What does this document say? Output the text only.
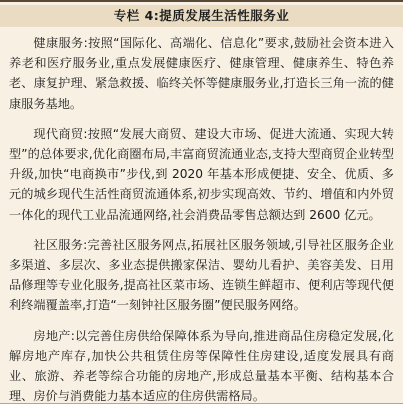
专栏 4:提质发展生活性服务业

健康服务:按照“国际化、高端化、信息化”要求,鼓励社会资本进入养老和医疗服务业,重点发展健康医疗、健康管理、健康养生、特色养老、康复护理、紧急救援、临终关怀等健康服务业,打造长三角一流的健康服务基地。

现代商贸:按照“发展大商贸、建设大市场、促进大流通、实现大转型”的总体要求,优化商圈布局,丰富商贸流通业态,支持大型商贸企业转型升级,加快“电商换市”步伐,到 2020 年基本形成便捷、安全、优质、多元的城乡现代生活性商贸流通体系,初步实现高效、节约、增值和内外贸一体化的现代工业品流通网络,社会消费品零售总额达到 2600 亿元。

社区服务:完善社区服务网点,拓展社区服务领域,引导社区服务企业多渠道、多层次、多业态提供搬家保洁、婴幼儿看护、美容美发、日用品修理等专业化服务,提高社区菜市场、连锁生鲜超市、便利店等现代便利终端覆盖率,打造“一刻钟社区服务圈”便民服务网络。

房地产:以完善住房供给保障体系为导向,推进商品住房稳定发展,化解房地产库存,加快公共租赁住房等保障性住房建设,适度发展具有商业、旅游、养老等综合功能的房地产,形成总量基本平衡、结构基本合理、房价与消费能力基本适应的住房供需格局。
